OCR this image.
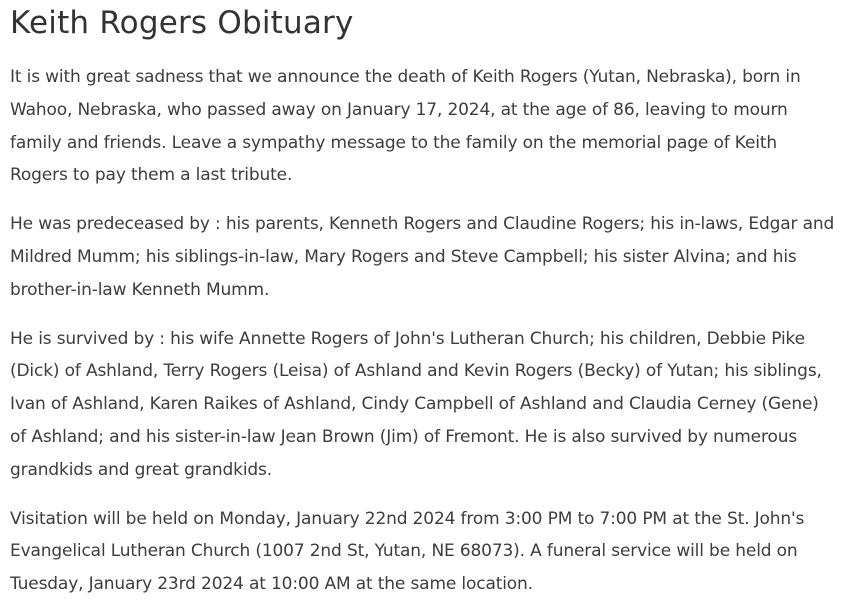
Keith Rogers Obituary

It is with great sadness that we announce the death of Keith Rogers (Yutan, Nebraska), born in Wahoo, Nebraska, who passed away on January 17, 2024, at the age of 86, leaving to mourn family and friends. Leave a sympathy message to the family on the memorial page of Keith Rogers to pay them a last tribute.

He was predeceased by : his parents, Kenneth Rogers and Claudine Rogers; his in-laws, Edgar and Mildred Mumm; his siblings-in-law, Mary Rogers and Steve Campbell; his sister Alvina; and his brother-in-law Kenneth Mumm.

He is survived by : his wife Annette Rogers of John's Lutheran Church; his children, Debbie Pike (Dick) of Ashland, Terry Rogers (Leisa) of Ashland and Kevin Rogers (Becky) of Yutan; his siblings, Ivan of Ashland, Karen Raikes of Ashland, Cindy Campbell of Ashland and Claudia Cerney (Gene) of Ashland; and his sister-in-law Jean Brown (Jim) of Fremont. He is also survived by numerous grandkids and great grandkids.

Visitation will be held on Monday, January 22nd 2024 from 3:00 PM to 7:00 PM at the St. John's Evangelical Lutheran Church (1007 2nd St, Yutan, NE 68073). A funeral service will be held on Tuesday, January 23rd 2024 at 10:00 AM at the same location.
